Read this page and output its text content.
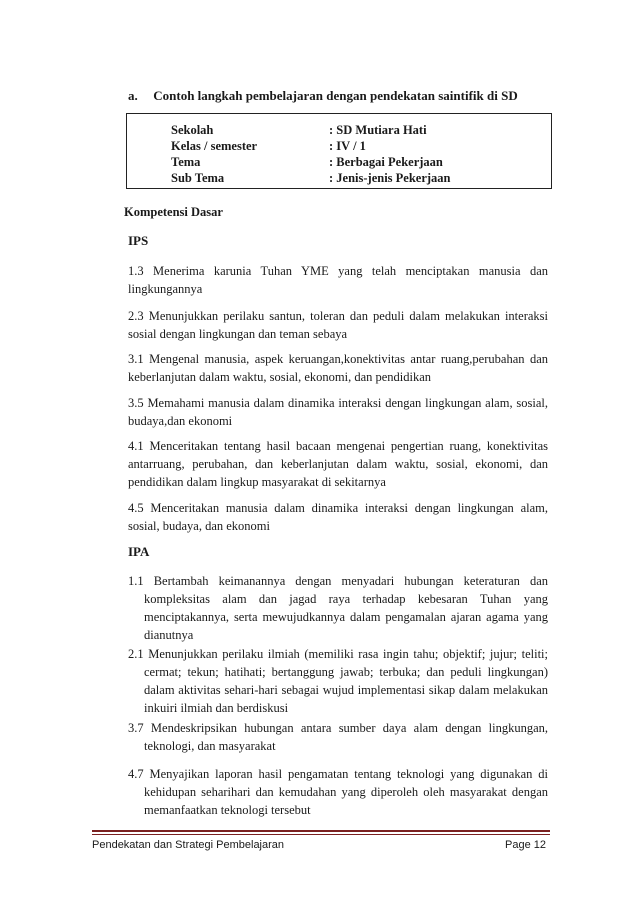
a. Contoh langkah pembelajaran dengan pendekatan saintifik di SD
Sekolah	: SD Mutiara Hati
Kelas / semester	: IV / 1
Tema	: Berbagai Pekerjaan
Sub Tema	: Jenis-jenis Pekerjaan
Kompetensi Dasar
IPS
1.3 Menerima karunia Tuhan YME yang telah menciptakan manusia dan lingkungannya
2.3 Menunjukkan perilaku santun, toleran dan peduli dalam melakukan interaksi sosial dengan lingkungan dan teman sebaya
3.1 Mengenal manusia, aspek keruangan,konektivitas antar ruang,perubahan dan keberlanjutan dalam waktu, sosial, ekonomi, dan pendidikan
3.5 Memahami manusia dalam dinamika interaksi dengan lingkungan alam, sosial, budaya,dan ekonomi
4.1 Menceritakan tentang hasil bacaan mengenai pengertian ruang, konektivitas antarruang, perubahan, dan keberlanjutan dalam waktu, sosial, ekonomi, dan pendidikan dalam lingkup masyarakat di sekitarnya
4.5 Menceritakan manusia dalam dinamika interaksi dengan lingkungan alam, sosial, budaya, dan ekonomi
IPA
1.1 Bertambah keimanannya dengan menyadari hubungan keteraturan dan kompleksitas alam dan jagad raya terhadap kebesaran Tuhan yang menciptakannya, serta mewujudkannya dalam pengamalan ajaran agama yang dianutnya
2.1 Menunjukkan perilaku ilmiah (memiliki rasa ingin tahu; objektif; jujur; teliti; cermat; tekun; hatihati; bertanggung jawab; terbuka; dan peduli lingkungan) dalam aktivitas sehari-hari sebagai wujud implementasi sikap dalam melakukan inkuiri ilmiah dan berdiskusi
3.7 Mendeskripsikan hubungan antara sumber daya alam dengan lingkungan, teknologi, dan masyarakat
4.7 Menyajikan laporan hasil pengamatan tentang teknologi yang digunakan di kehidupan seharihari dan kemudahan yang diperoleh oleh masyarakat dengan memanfaatkan teknologi tersebut
Pendekatan dan Strategi Pembelajaran	Page 12
